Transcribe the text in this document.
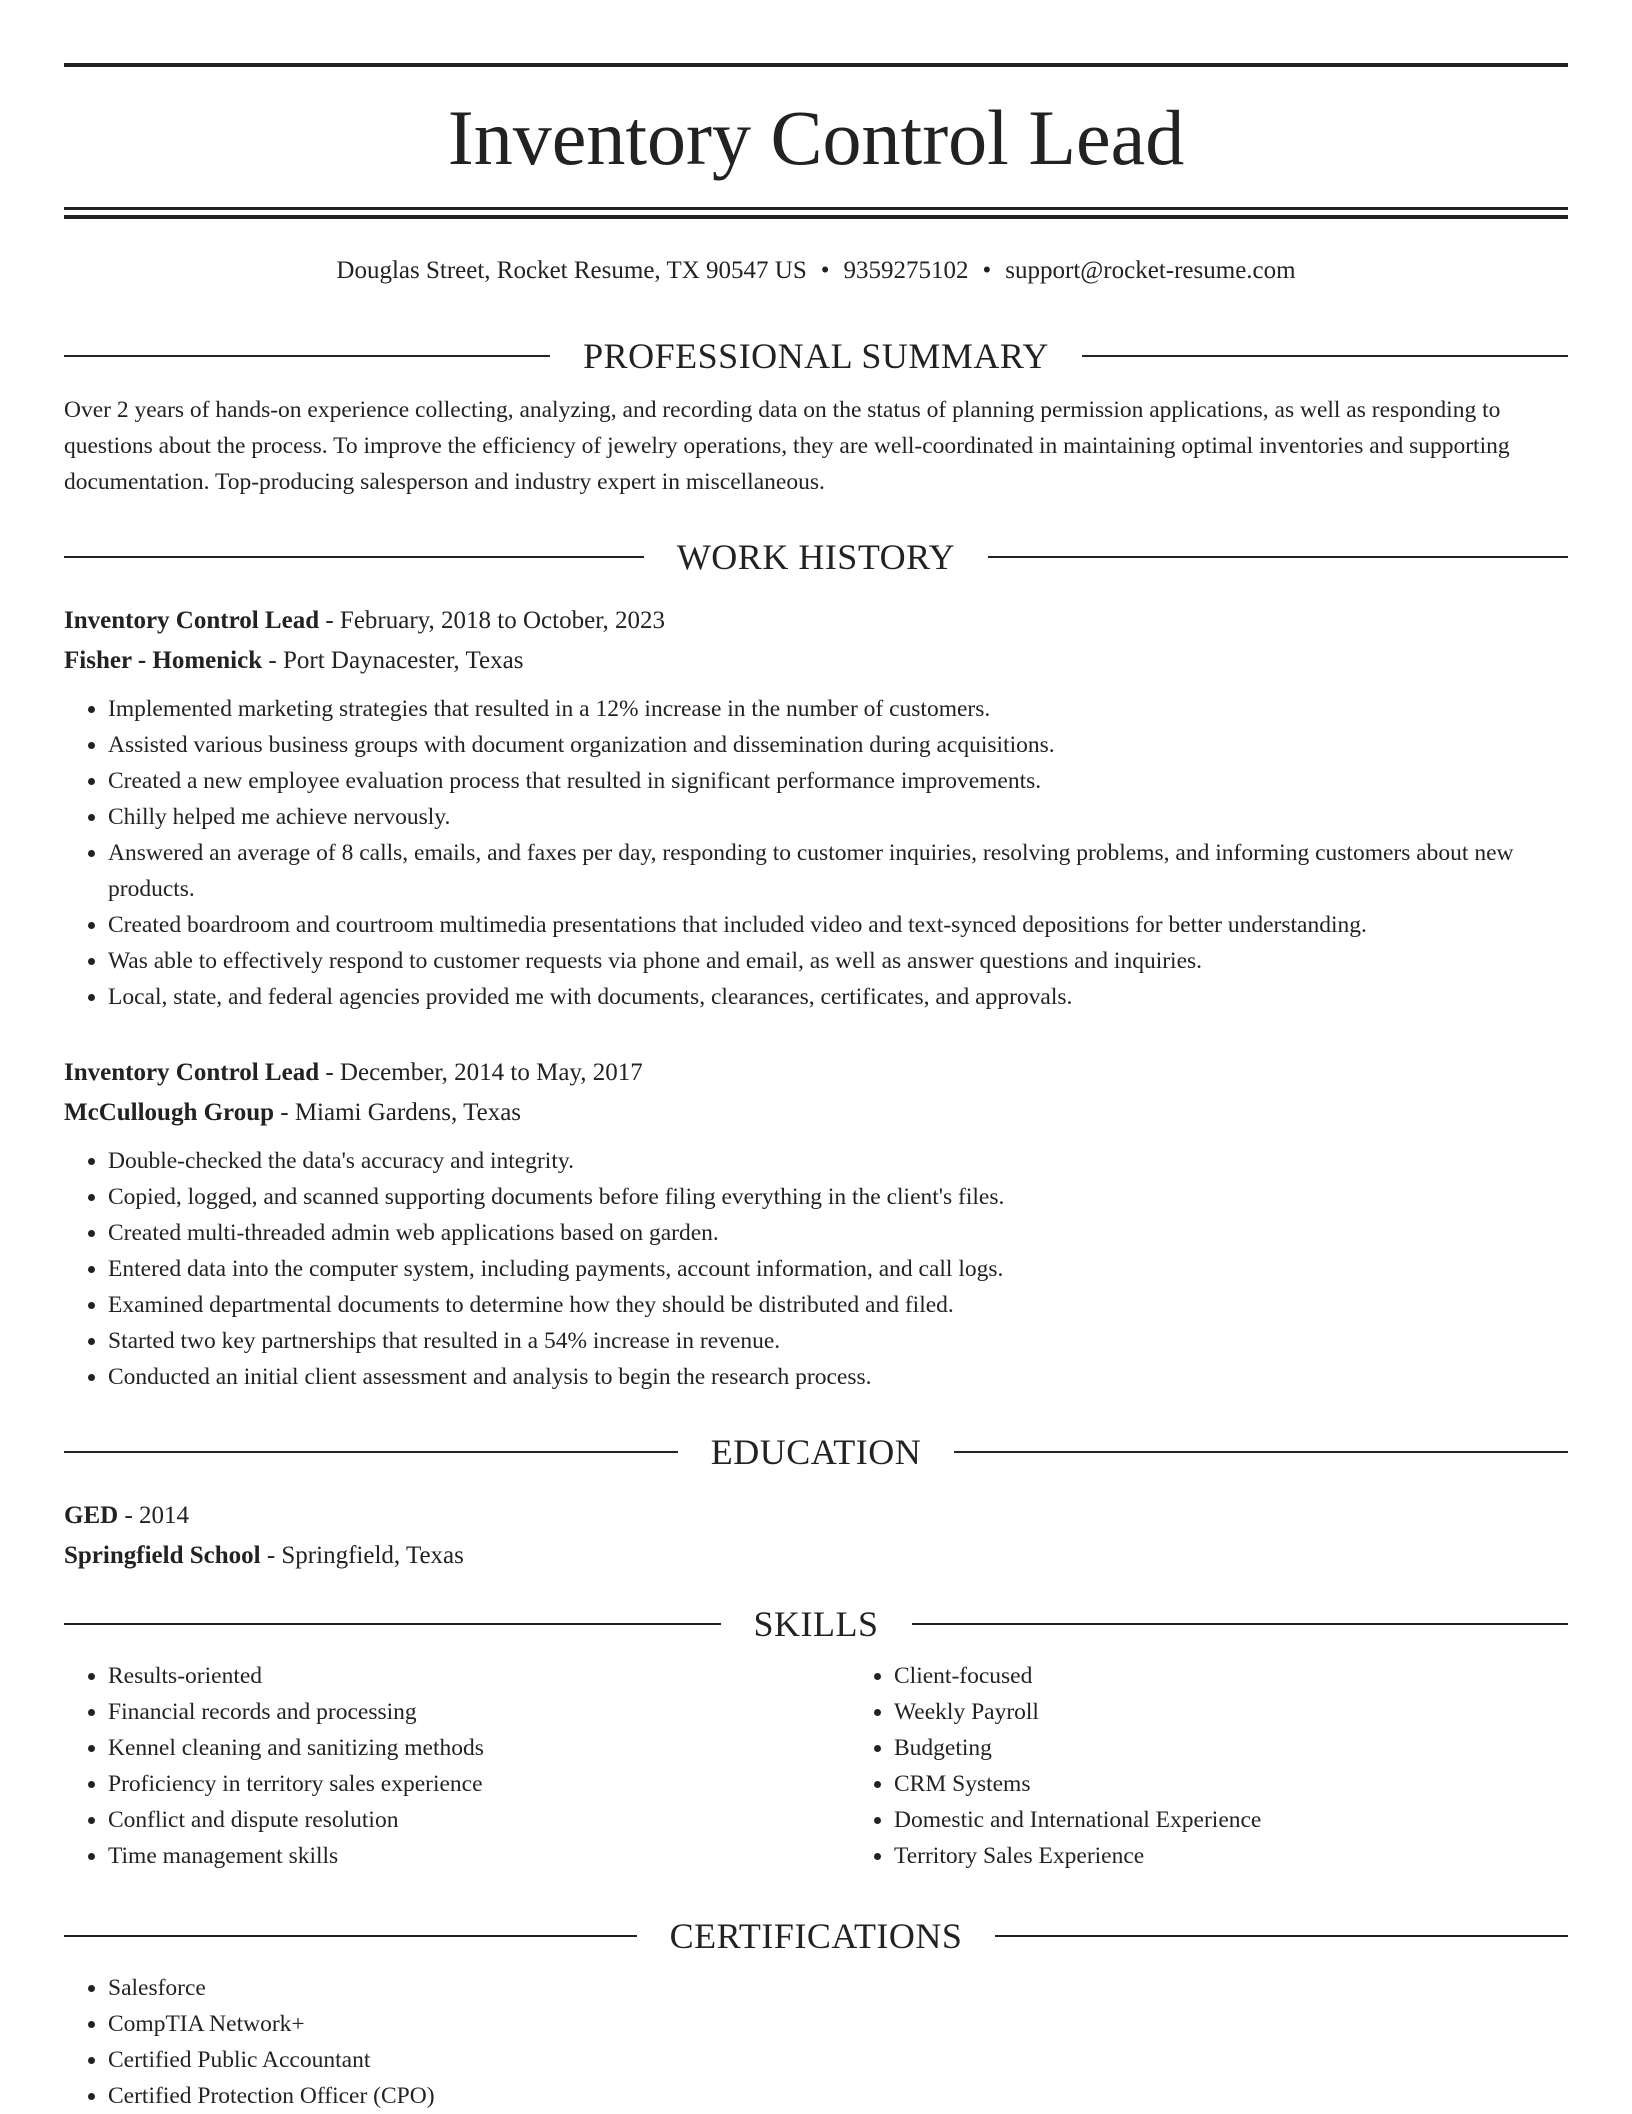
Inventory Control Lead
Douglas Street, Rocket Resume, TX 90547 US • 9359275102 • support@rocket-resume.com
PROFESSIONAL SUMMARY

Over 2 years of hands-on experience collecting, analyzing, and recording data on the status of planning permission applications, as well as responding to questions about the process. To improve the efficiency of jewelry operations, they are well-coordinated in maintaining optimal inventories and supporting documentation. Top-producing salesperson and industry expert in miscellaneous.

WORK HISTORY

Inventory Control Lead - February, 2018 to October, 2023

Fisher - Homenick - Port Daynacester, Texas

• Implemented marketing strategies that resulted in a 12% increase in the number of customers.
• Assisted various business groups with document organization and dissemination during acquisitions.
• Created a new employee evaluation process that resulted in significant performance improvements.
• Chilly helped me achieve nervously.
• Answered an average of 8 calls, emails, and faxes per day, responding to customer inquiries, resolving problems, and informing customers about new products.
• Created boardroom and courtroom multimedia presentations that included video and text-synced depositions for better understanding.
• Was able to effectively respond to customer requests via phone and email, as well as answer questions and inquiries.
• Local, state, and federal agencies provided me with documents, clearances, certificates, and approvals.

Inventory Control Lead - December, 2014 to May, 2017

McCullough Group - Miami Gardens, Texas

• Double-checked the data's accuracy and integrity.
• Copied, logged, and scanned supporting documents before filing everything in the client's files.
• Created multi-threaded admin web applications based on garden.
• Entered data into the computer system, including payments, account information, and call logs.
• Examined departmental documents to determine how they should be distributed and filed.
• Started two key partnerships that resulted in a 54% increase in revenue.
• Conducted an initial client assessment and analysis to begin the research process.
EDUCATION

GED - 2014

Springfield School - Springfield, Texas

SKILLS
• Results-oriented
• Financial records and processing
• Kennel cleaning and sanitizing methods
• Proficiency in territory sales experience
• Conflict and dispute resolution
• Time management skills
• Client-focused
• Weekly Payroll
• Budgeting
• CRM Systems
• Domestic and International Experience
• Territory Sales Experience
CERTIFICATIONS
• Salesforce
• CompTIA Network+
• Certified Public Accountant
• Certified Protection Officer (CPO)
